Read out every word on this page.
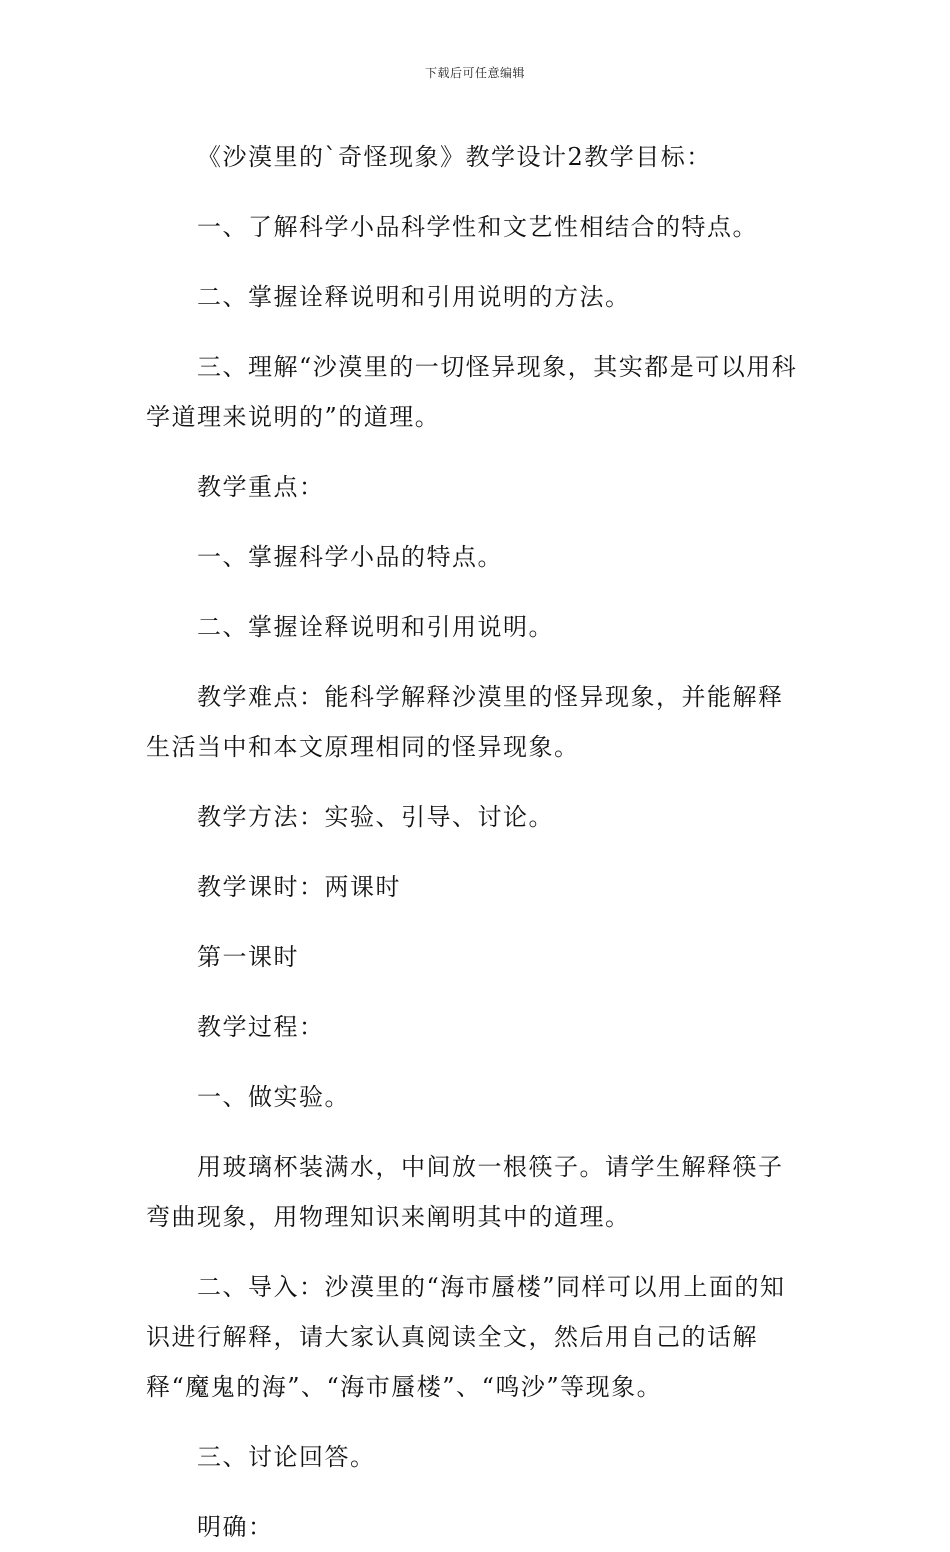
下载后可任意编辑

《沙漠里的`奇怪现象》教学设计2教学目标：

一、了解科学小品科学性和文艺性相结合的特点。

二、掌握诠释说明和引用说明的方法。

三、理解“沙漠里的一切怪异现象，其实都是可以用科学道理来说明的”的道理。

教学重点：

一、掌握科学小品的特点。

二、掌握诠释说明和引用说明。

教学难点：能科学解释沙漠里的怪异现象，并能解释生活当中和本文原理相同的怪异现象。

教学方法：实验、引导、讨论。

教学课时：两课时

第一课时

教学过程：

一、做实验。

用玻璃杯装满水，中间放一根筷子。请学生解释筷子弯曲现象，用物理知识来阐明其中的道理。

二、导入：沙漠里的“海市蜃楼”同样可以用上面的知识进行解释，请大家认真阅读全文，然后用自己的话解释“魔鬼的海”、“海市蜃楼”、“鸣沙”等现象。

三、讨论回答。

明确：
